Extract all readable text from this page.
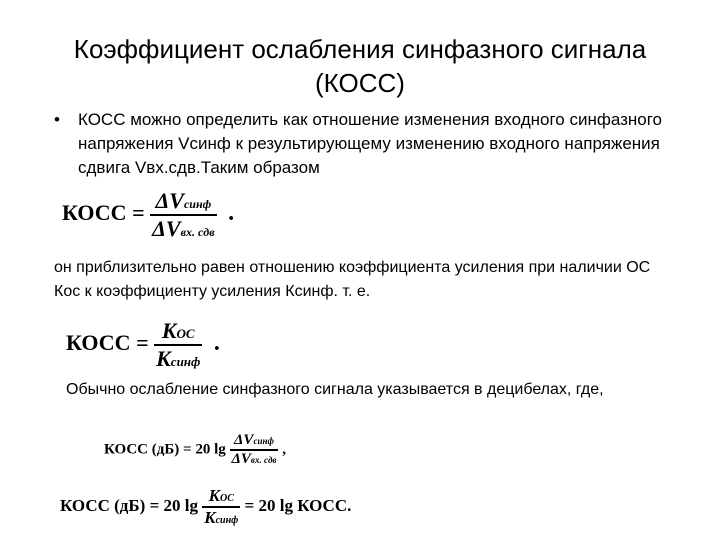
Коэффициент ослабления синфазного сигнала
(КОСС)
• КОСС можно определить как отношение изменения входного синфазного напряжения Vсинф к результирующему изменению входного напряжения сдвига Vвх.сдв.Таким образом
КОСС = $\frac{\text{ΔVсинф}}{\text{ΔVвх. сдв}}$ .
он приблизительно равен отношению коэффициента усиления при наличии ОС Кос к коэффициенту усиления Ксинф. т. е.
КОСС = $\frac{\text{KОС}}{\text{Kсинф}}$ .
Обычно ослабление синфазного сигнала указывается в децибелах, где,
КОСС (дБ) = 20 $\lg \frac{\text{ΔVсинф}}{\text{ΔVвх. сдв}}$ ,
КОСС (дБ) = 20 $\lg \frac{\text{KОС}}{\text{Kсинф}} = 20$ lg КОСС.
